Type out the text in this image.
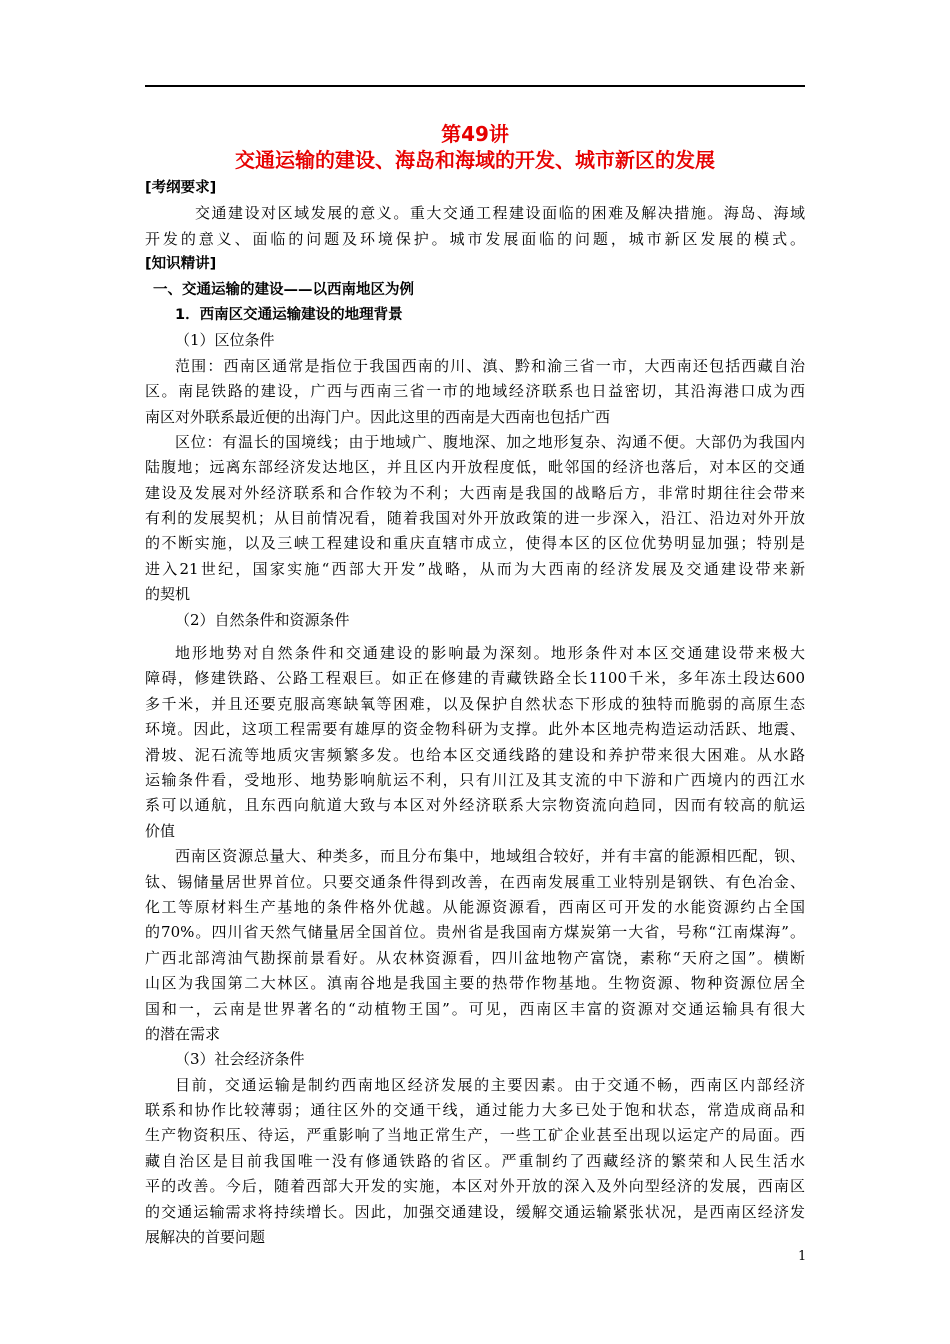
第49讲
交通运输的建设、海岛和海域的开发、城市新区的发展
[考纲要求]
交通建设对区域发展的意义。重大交通工程建设面临的困难及解决措施。海岛、海域
开发的意义、面临的问题及环境保护。城市发展面临的问题，城市新区发展的模式。
[知识精讲]
一、交通运输的建设——以西南地区为例
1．西南区交通运输建设的地理背景
（1）区位条件
范围：西南区通常是指位于我国西南的川、滇、黔和渝三省一市，大西南还包括西藏自治
区。南昆铁路的建设，广西与西南三省一市的地域经济联系也日益密切，其沿海港口成为西
南区对外联系最近便的出海门户。因此这里的西南是大西南也包括广西
区位：有温长的国境线；由于地域广、腹地深、加之地形复杂、沟通不便。大部仍为我国内
陆腹地；远离东部经济发达地区，并且区内开放程度低，毗邻国的经济也落后，对本区的交通
建设及发展对外经济联系和合作较为不利；大西南是我国的战略后方，非常时期往往会带来
有利的发展契机；从目前情况看，随着我国对外开放政策的进一步深入，沿江、沿边对外开放
的不断实施，以及三峡工程建设和重庆直辖市成立，使得本区的区位优势明显加强；特别是
进入21世纪，国家实施“西部大开发”战略，从而为大西南的经济发展及交通建设带来新
的契机
（2）自然条件和资源条件
地形地势对自然条件和交通建设的影响最为深刻。地形条件对本区交通建设带来极大
障碍，修建铁路、公路工程艰巨。如正在修建的青藏铁路全长1100千米，多年冻土段达600
多千米，并且还要克服高寒缺氧等困难，以及保护自然状态下形成的独特而脆弱的高原生态
环境。因此，这项工程需要有雄厚的资金物科研为支撑。此外本区地壳构造运动活跃、地震、
滑坡、泥石流等地质灾害频繁多发。也给本区交通线路的建设和养护带来很大困难。从水路
运输条件看，受地形、地势影响航运不利，只有川江及其支流的中下游和广西境内的西江水
系可以通航，且东西向航道大致与本区对外经济联系大宗物资流向趋同，因而有较高的航运
价值
西南区资源总量大、种类多，而且分布集中，地域组合较好，并有丰富的能源相匹配，钡、
钛、锡储量居世界首位。只要交通条件得到改善，在西南发展重工业特别是钢铁、有色冶金、
化工等原材料生产基地的条件格外优越。从能源资源看，西南区可开发的水能资源约占全国
的70%。四川省天然气储量居全国首位。贵州省是我国南方煤炭第一大省，号称“江南煤海”。
广西北部湾油气勘探前景看好。从农林资源看，四川盆地物产富饶，素称“天府之国”。横断
山区为我国第二大林区。滇南谷地是我国主要的热带作物基地。生物资源、物种资源位居全
国和一，云南是世界著名的“动植物王国”。可见，西南区丰富的资源对交通运输具有很大
的潜在需求
（3）社会经济条件
目前，交通运输是制约西南地区经济发展的主要因素。由于交通不畅，西南区内部经济
联系和协作比较薄弱；通往区外的交通干线，通过能力大多已处于饱和状态，常造成商品和
生产物资积压、待运，严重影响了当地正常生产，一些工矿企业甚至出现以运定产的局面。西
藏自治区是目前我国唯一没有修通铁路的省区。严重制约了西藏经济的繁荣和人民生活水
平的改善。今后，随着西部大开发的实施，本区对外开放的深入及外向型经济的发展，西南区
的交通运输需求将持续增长。因此，加强交通建设，缓解交通运输紧张状况，是西南区经济发
展解决的首要问题
1
